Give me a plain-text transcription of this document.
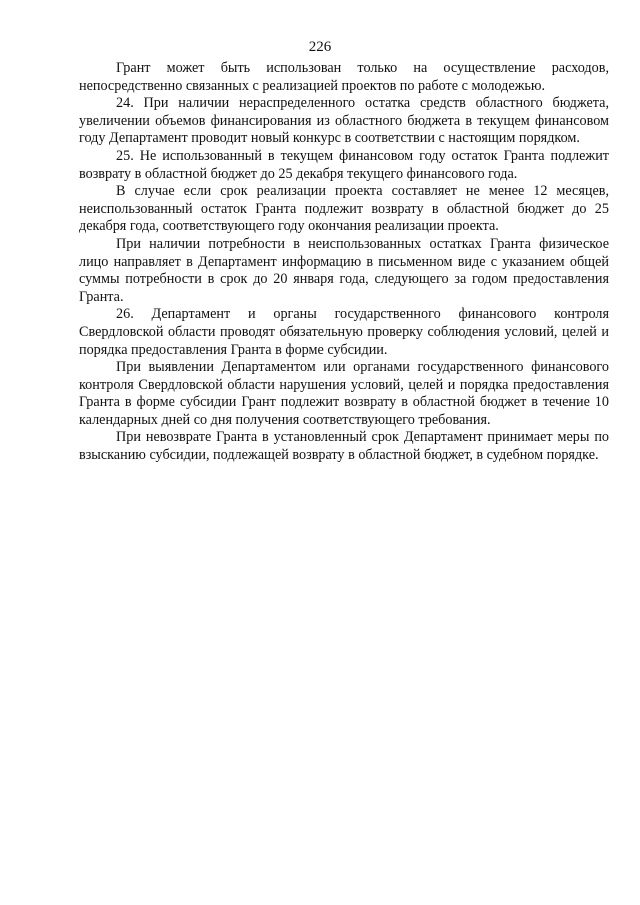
226

Грант может быть использован только на осуществление расходов, непосредственно связанных с реализацией проектов по работе с молодежью.

24. При наличии нераспределенного остатка средств областного бюджета, увеличении объемов финансирования из областного бюджета в текущем финансовом году Департамент проводит новый конкурс в соответствии с настоящим порядком.

25. Не использованный в текущем финансовом году остаток Гранта подлежит возврату в областной бюджет до 25 декабря текущего финансового года.

В случае если срок реализации проекта составляет не менее 12 месяцев, неиспользованный остаток Гранта подлежит возврату в областной бюджет до 25 декабря года, соответствующего году окончания реализации проекта.

При наличии потребности в неиспользованных остатках Гранта физическое лицо направляет в Департамент информацию в письменном виде с указанием общей суммы потребности в срок до 20 января года, следующего за годом предоставления Гранта.

26. Департамент и органы государственного финансового контроля Свердловской области проводят обязательную проверку соблюдения условий, целей и порядка предоставления Гранта в форме субсидии.

При выявлении Департаментом или органами государственного финансового контроля Свердловской области нарушения условий, целей и порядка предоставления Гранта в форме субсидии Грант подлежит возврату в областной бюджет в течение 10 календарных дней со дня получения соответствующего требования.

При невозврате Гранта в установленный срок Департамент принимает меры по взысканию субсидии, подлежащей возврату в областной бюджет, в судебном порядке.
